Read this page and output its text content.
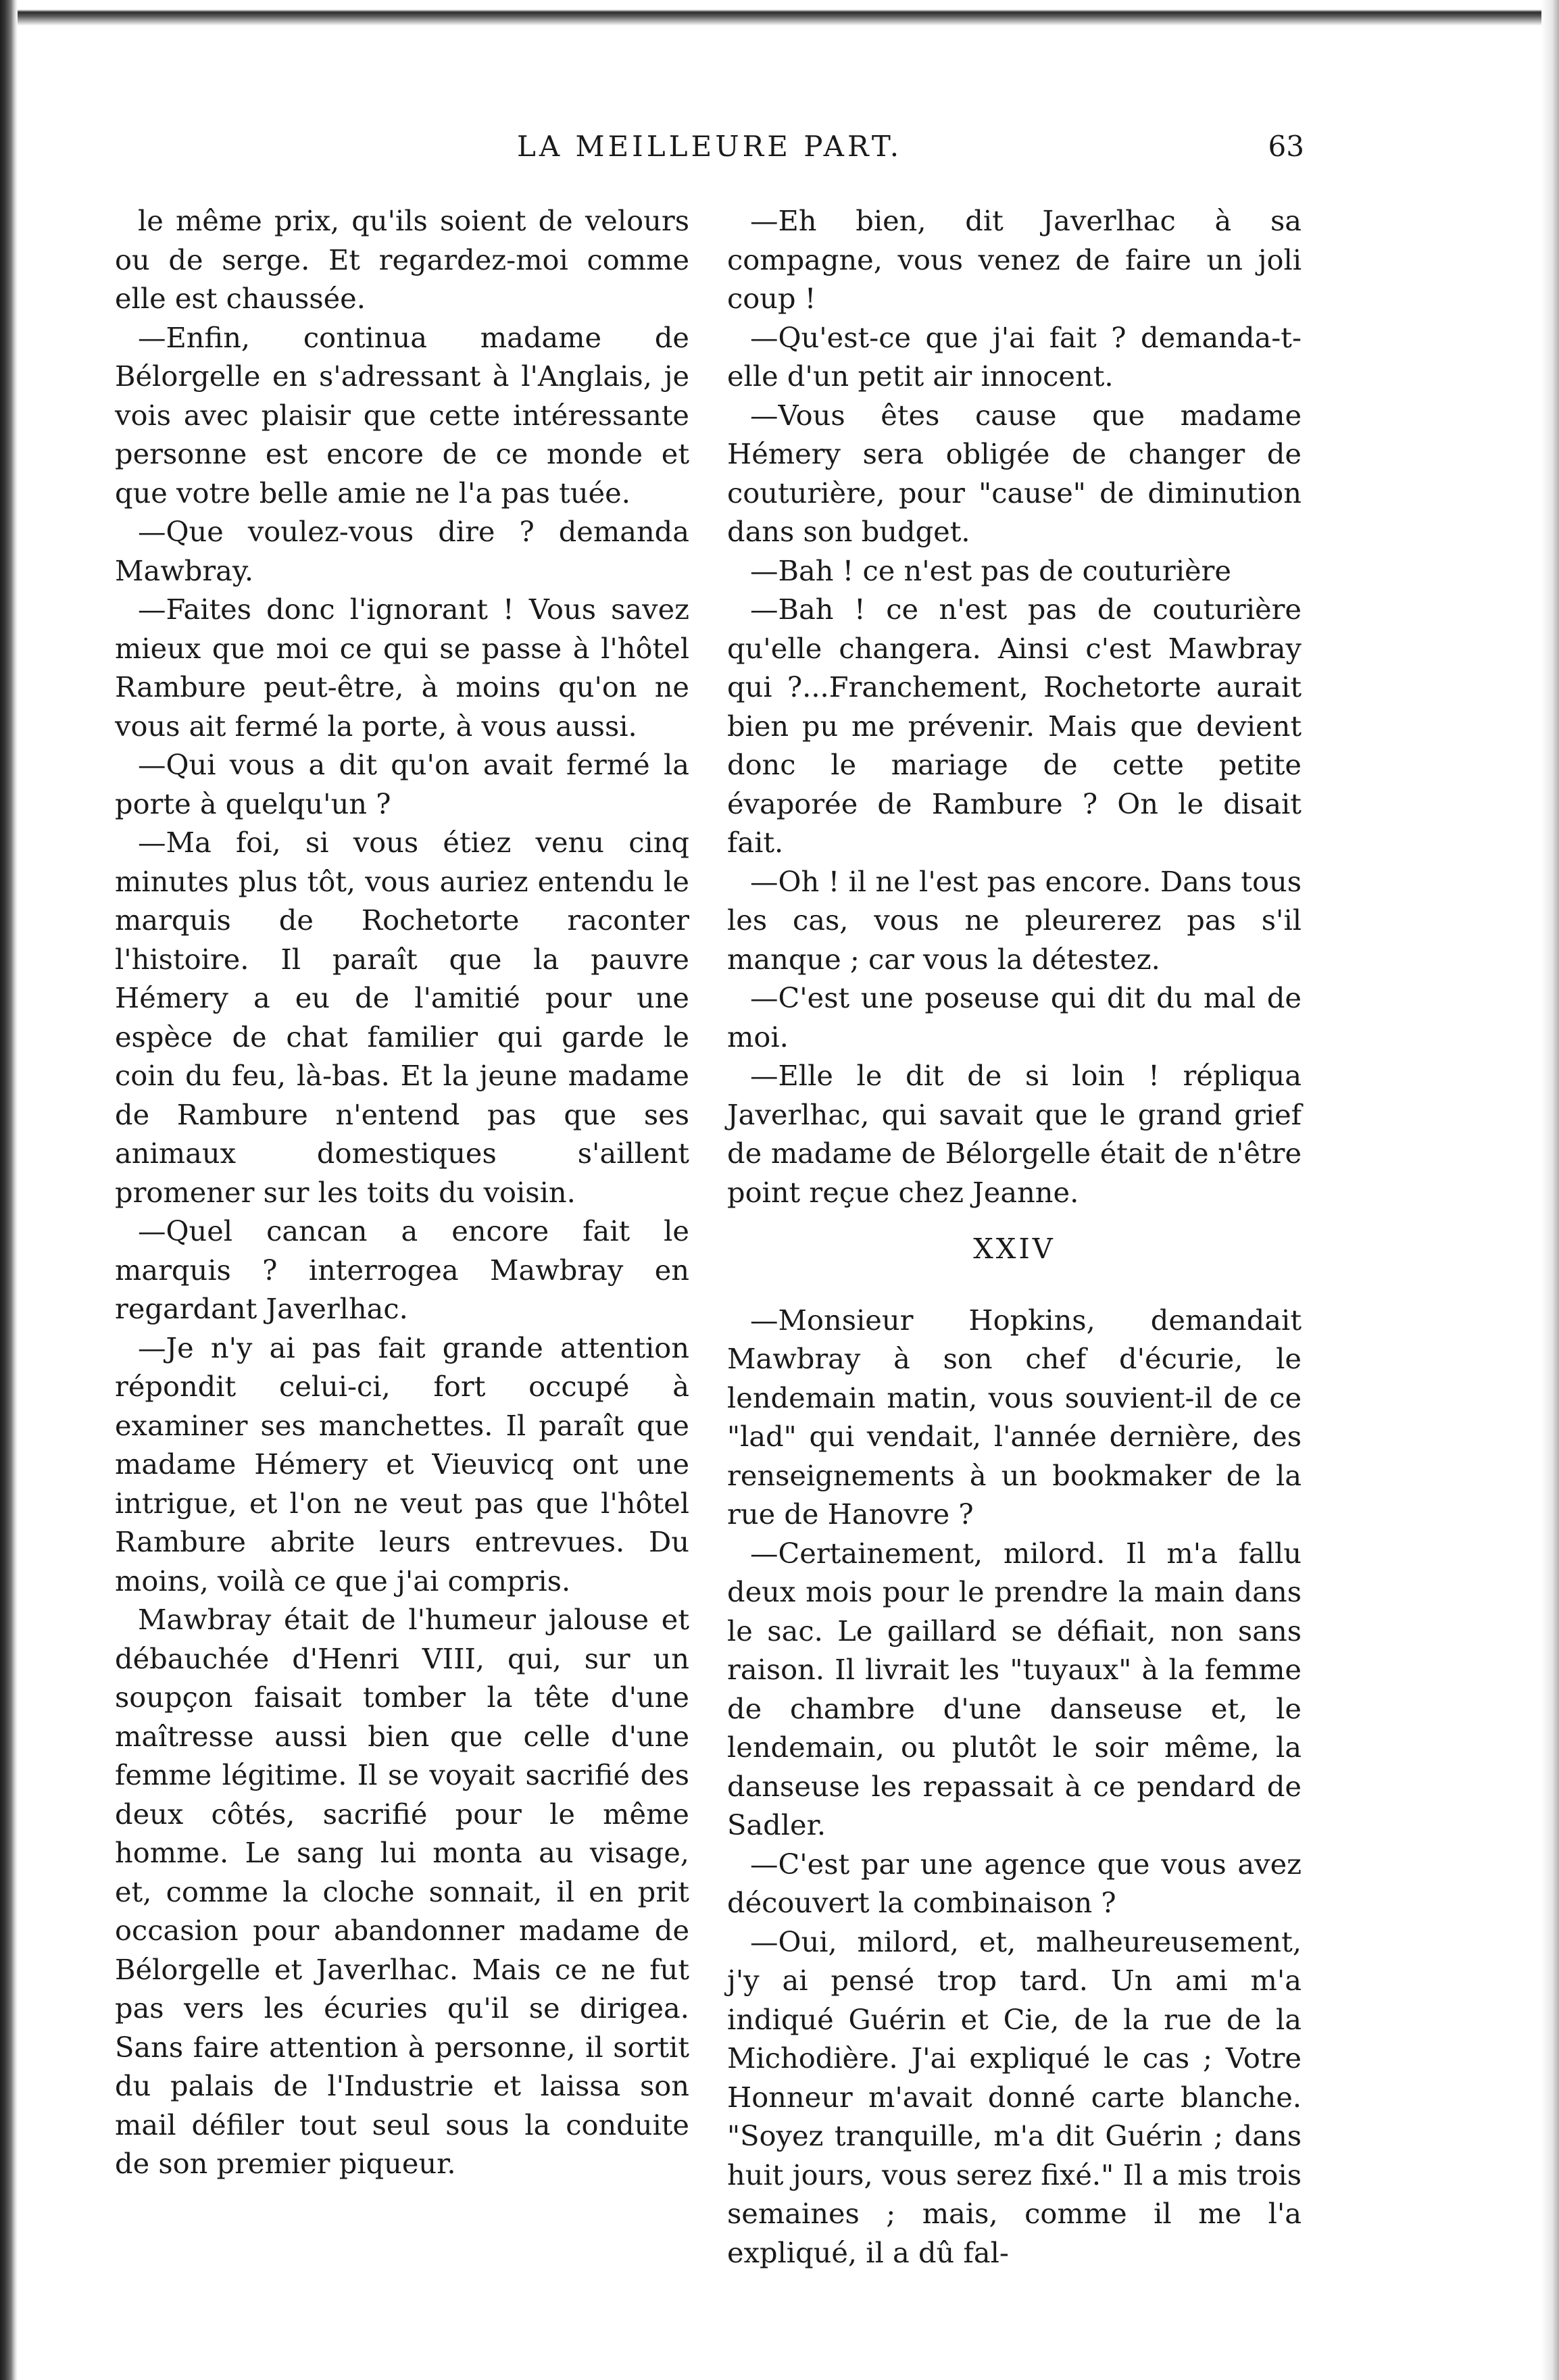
LA MEILLEURE PART.	63

le même prix, qu'ils soient de velours ou de serge. Et regardez-moi comme elle est chaussée.

—Enfin, continua madame de Bélorgelle en s'adressant à l'Anglais, je vois avec plaisir que cette intéressante personne est encore de ce monde et que votre belle amie ne l'a pas tuée.

—Que voulez-vous dire ? demanda Mawbray.

—Faites donc l'ignorant ! Vous savez mieux que moi ce qui se passe à l'hôtel Rambure peut-être, à moins qu'on ne vous ait fermé la porte, à vous aussi.

—Qui vous a dit qu'on avait fermé la porte à quelqu'un ?

—Ma foi, si vous étiez venu cinq minutes plus tôt, vous auriez entendu le marquis de Rochetorte raconter l'histoire. Il paraît que la pauvre Hémery a eu de l'amitié pour une espèce de chat familier qui garde le coin du feu, là-bas. Et la jeune madame de Rambure n'entend pas que ses animaux domestiques s'aillent promener sur les toits du voisin.

—Quel cancan a encore fait le marquis ? interrogea Mawbray en regardant Javerlhac.

—Je n'y ai pas fait grande attention répondit celui-ci, fort occupé à examiner ses manchettes. Il paraît que madame Hémery et Vieuvicq ont une intrigue, et l'on ne veut pas que l'hôtel Rambure abrite leurs entrevues. Du moins, voilà ce que j'ai compris.

Mawbray était de l'humeur jalouse et débauchée d'Henri VIII, qui, sur un soupçon faisait tomber la tête d'une maîtresse aussi bien que celle d'une femme légitime. Il se voyait sacrifié des deux côtés, sacrifié pour le même homme. Le sang lui monta au visage, et, comme la cloche sonnait, il en prit occasion pour abandonner madame de Bélorgelle et Javerlhac. Mais ce ne fut pas vers les écuries qu'il se dirigea. Sans faire attention à personne, il sortit du palais de l'Industrie et laissa son mail défiler tout seul sous la conduite de son premier piqueur.

—Eh bien, dit Javerlhac à sa compagne, vous venez de faire un joli coup !

—Qu'est-ce que j'ai fait ? demanda-t-elle d'un petit air innocent.

—Vous êtes cause que madame Hémery sera obligée de changer de couturière, pour "cause" de diminution dans son budget.

—Bah ! ce n'est pas de couturière

—Bah ! ce n'est pas de couturière qu'elle changera. Ainsi c'est Mawbray qui ?...Franchement, Rochetorte aurait bien pu me prévenir. Mais que devient donc le mariage de cette petite évaporée de Rambure ? On le disait fait.

—Oh ! il ne l'est pas encore. Dans tous les cas, vous ne pleurerez pas s'il manque ; car vous la détestez.

—C'est une poseuse qui dit du mal de moi.

—Elle le dit de si loin ! répliqua Javerlhac, qui savait que le grand grief de madame de Bélorgelle était de n'être point reçue chez Jeanne.

XXIV

—Monsieur Hopkins, demandait Mawbray à son chef d'écurie, le lendemain matin, vous souvient-il de ce "lad" qui vendait, l'année dernière, des renseignements à un bookmaker de la rue de Hanovre ?

—Certainement, milord. Il m'a fallu deux mois pour le prendre la main dans le sac. Le gaillard se défiait, non sans raison. Il livrait les "tuyaux" à la femme de chambre d'une danseuse et, le lendemain, ou plutôt le soir même, la danseuse les repassait à ce pendard de Sadler.

—C'est par une agence que vous avez découvert la combinaison ?

—Oui, milord, et, malheureusement, j'y ai pensé trop tard. Un ami m'a indiqué Guérin et Cie, de la rue de la Michodière. J'ai expliqué le cas ; Votre Honneur m'avait donné carte blanche. "Soyez tranquille, m'a dit Guérin ; dans huit jours, vous serez fixé." Il a mis trois semaines ; mais, comme il me l'a expliqué, il a dû fal-
